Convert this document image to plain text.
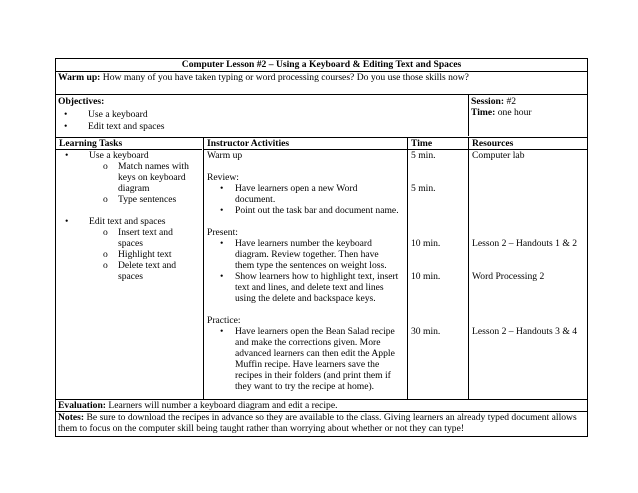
Computer Lesson #2 – Using a Keyboard & Editing Text and Spaces
Warm up: How many of you have taken typing or word processing courses? Do you use those skills now?
Objectives:
• Use a keyboard
• Edit text and spaces
Session: #2
Time: one hour
Learning Tasks
• Use a keyboard
o Match names with
keys on keyboard
diagram
o Type sentences
• Edit text and spaces
o Insert text and
spaces
o Highlight text
o Delete text and
spaces
Instructor Activities
Warm up
Review:
• Have learners open a new Word
document.
• Point out the task bar and document name.
Present:
• Have learners number the keyboard
diagram. Review together. Then have
them type the sentences on weight loss.
• Show learners how to highlight text, insert
text and lines, and delete text and lines
using the delete and backspace keys.
Practice:
• Have learners open the Bean Salad recipe
and make the corrections given. More
advanced learners can then edit the Apple
Muffin recipe. Have learners save the
recipes in their folders (and print them if
they want to try the recipe at home).
Time
5 min.
5 min.
10 min.
10 min.
30 min.
Resources
Computer lab
Lesson 2 – Handouts 1 & 2
Word Processing 2
Lesson 2 – Handouts 3 & 4
Evaluation: Learners will number a keyboard diagram and edit a recipe.
Notes: Be sure to download the recipes in advance so they are available to the class. Giving learners an already typed document allows
them to focus on the computer skill being taught rather than worrying about whether or not they can type!
